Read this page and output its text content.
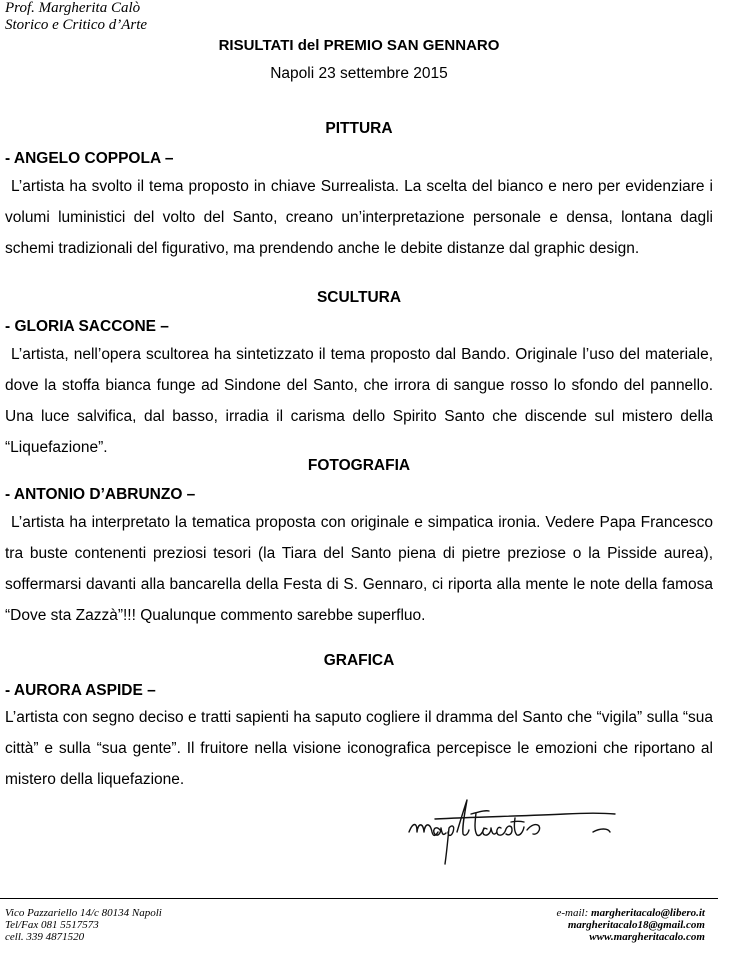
Prof. Margherita Calò
Storico e Critico d’Arte
RISULTATI del PREMIO SAN GENNARO
Napoli 23 settembre 2015
PITTURA
- ANGELO COPPOLA –
L’artista ha svolto il tema proposto in chiave Surrealista. La scelta del bianco e nero per evidenziare i volumi luministici del volto del Santo, creano un’interpretazione personale e densa, lontana dagli schemi tradizionali del figurativo, ma prendendo anche le debite distanze dal graphic design.
SCULTURA
- GLORIA SACCONE –
L’artista, nell’opera scultorea ha sintetizzato il tema proposto dal Bando. Originale l’uso del materiale, dove la stoffa bianca funge ad Sindone del Santo, che irrora di sangue rosso lo sfondo del pannello. Una luce salvifica, dal basso, irradia il carisma dello Spirito Santo che discende sul mistero della “Liquefazione”.
FOTOGRAFIA
- ANTONIO D’ABRUNZO –
L’artista ha interpretato la tematica proposta con originale e simpatica ironia. Vedere Papa Francesco tra buste contenenti preziosi tesori (la Tiara del Santo piena di pietre preziose o la Pisside aurea), soffermarsi davanti alla bancarella della Festa di S. Gennaro, ci riporta alla mente le note della famosa “Dove sta Zazzà”!!! Qualunque commento sarebbe superfluo.
GRAFICA
- AURORA ASPIDE –
L’artista con segno deciso e tratti sapienti ha saputo cogliere il dramma del Santo che “vigila” sulla “sua città” e sulla “sua gente”. Il fruitore nella visione iconografica percepisce le emozioni che riportano al mistero della liquefazione.
Vico Pazzariello 14/c 80134 Napoli
Tel/Fax 081 5517573
cell. 339 4871520
e-mail: margheritacalo@libero.it
margheritacalo18@gmail.com
www.margheritacalo.com
